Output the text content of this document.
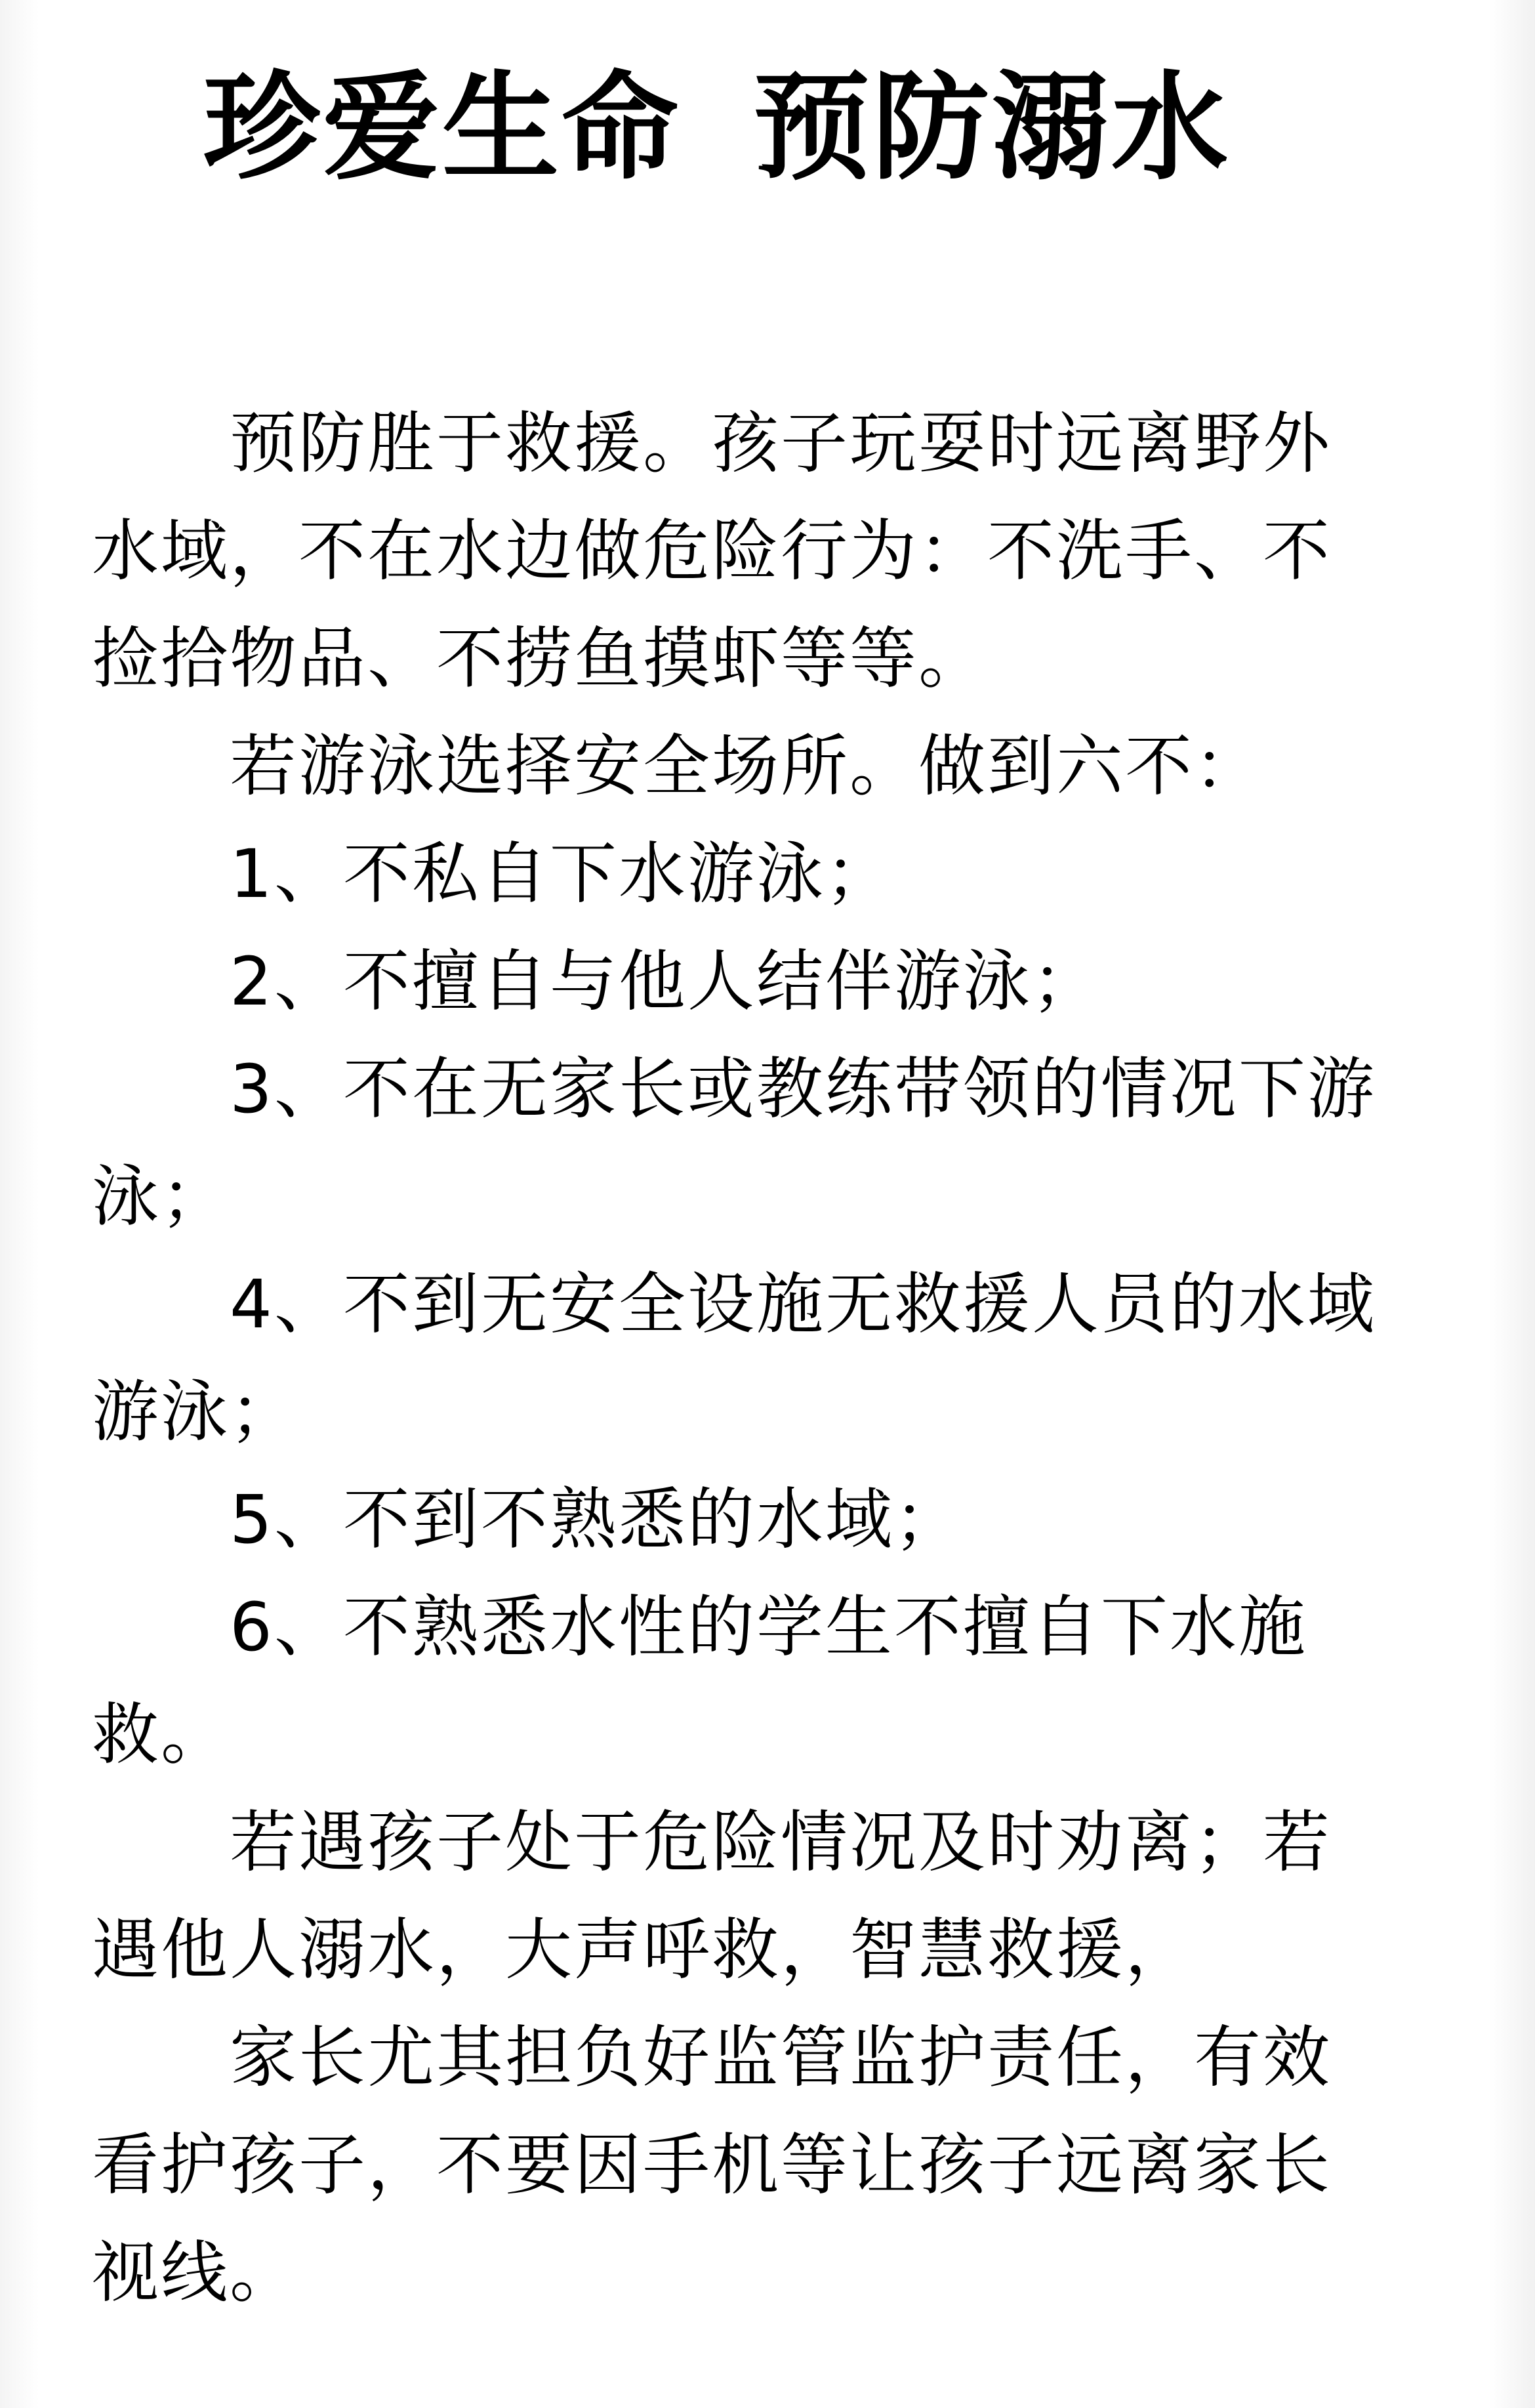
珍爱生命 预防溺水

预防胜于救援。孩子玩耍时远离野外水域，不在水边做危险行为：不洗手、不捡拾物品、不捞鱼摸虾等等。

若游泳选择安全场所。做到六不：

1、不私自下水游泳；

2、不擅自与他人结伴游泳；

3、不在无家长或教练带领的情况下游泳；

4、不到无安全设施无救援人员的水域游泳；

5、不到不熟悉的水域；

6、不熟悉水性的学生不擅自下水施救。

若遇孩子处于危险情况及时劝离；若遇他人溺水，大声呼救，智慧救援，

家长尤其担负好监管监护责任，有效看护孩子，不要因手机等让孩子远离家长视线。
